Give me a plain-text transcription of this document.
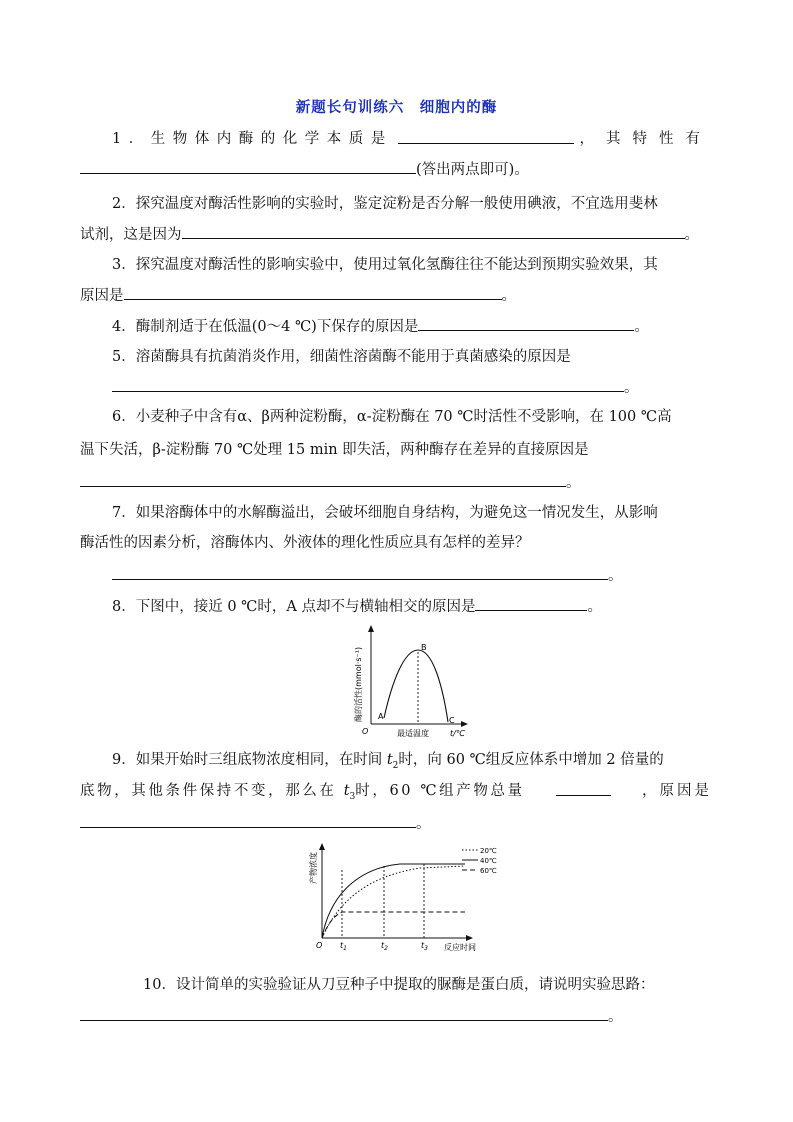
新题长句训练六　细胞内的酶
1．生物体内酶的化学本质是	，其特性有
(答出两点即可)。
2．探究温度对酶活性影响的实验时，鉴定淀粉是否分解一般使用碘液，不宜选用斐林
试剂，这是因为	。
3．探究温度对酶活性的影响实验中，使用过氧化氢酶往往不能达到预期实验效果，其
原因是	。
4．酶制剂适于在低温(0～4 ℃)下保存的原因是	。
5．溶菌酶具有抗菌消炎作用，细菌性溶菌酶不能用于真菌感染的原因是
。
6．小麦种子中含有α、β两种淀粉酶，α-淀粉酶在 70 ℃时活性不受影响，在 100 ℃高
温下失活，β-淀粉酶 70 ℃处理 15 min 即失活，两种酶存在差异的直接原因是
。
7．如果溶酶体中的水解酶溢出，会破坏细胞自身结构，为避免这一情况发生，从影响
酶活性的因素分析，溶酶体内、外液体的理化性质应具有怎样的差异？
。
8．下图中，接近 0 ℃时，A 点却不与横轴相交的原因是	。
B
A	C
O	最适温度	t/℃
酶的活性(mmol·s⁻¹)
9．如果开始时三组底物浓度相同，在时间 $t_2$时，向 60 ℃组反应体系中增加 2 倍量的
底物，其他条件保持不变，那么在 $t_3$时，60 ℃组产物总量	，原因是
。
O $t_1$	$t_2$	$t_3$ 反应时间
产物浓度
20℃
40℃
60℃
10．设计简单的实验验证从刀豆种子中提取的脲酶是蛋白质，请说明实验思路：
。
